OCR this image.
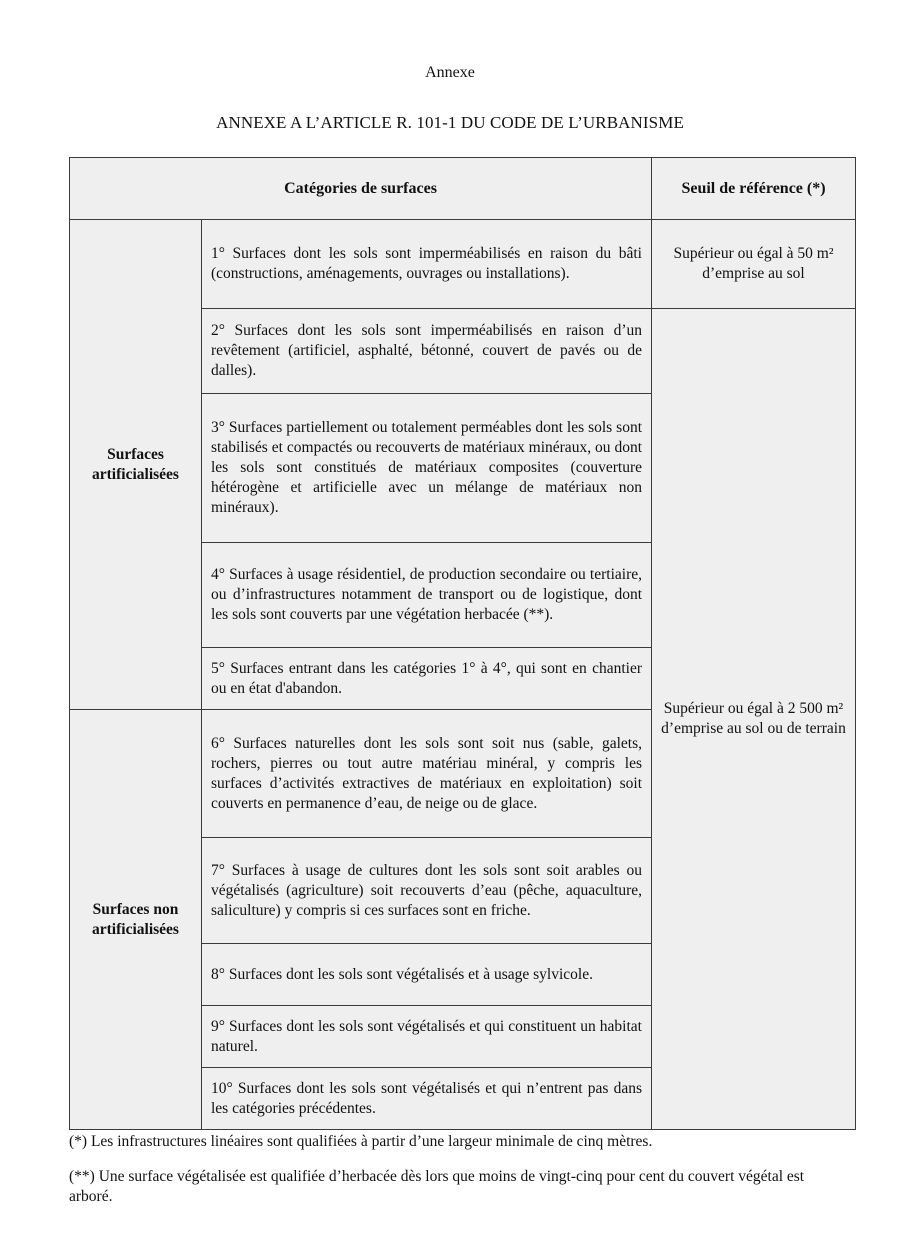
Annexe
ANNEXE A L’ARTICLE R. 101-1 DU CODE DE L’URBANISME
Catégories de surfaces		Seuil de référence (*)
Surfaces artificialisées	1° Surfaces dont les sols sont imperméabilisés en raison du bâti (constructions, aménagements, ouvrages ou installations).	Supérieur ou égal à 50 m² d’emprise au sol
	2° Surfaces dont les sols sont imperméabilisés en raison d’un revêtement (artificiel, asphalté, bétonné, couvert de pavés ou de dalles).	Supérieur ou égal à 2 500 m² d’emprise au sol ou de terrain
	3° Surfaces partiellement ou totalement perméables dont les sols sont stabilisés et compactés ou recouverts de matériaux minéraux, ou dont les sols sont constitués de matériaux composites (couverture hétérogène et artificielle avec un mélange de matériaux non minéraux).	
	4° Surfaces à usage résidentiel, de production secondaire ou tertiaire, ou d’infrastructures notamment de transport ou de logistique, dont les sols sont couverts par une végétation herbacée (**).	
	5° Surfaces entrant dans les catégories 1° à 4°, qui sont en chantier ou en état d'abandon.	
Surfaces non artificialisées	6° Surfaces naturelles dont les sols sont soit nus (sable, galets, rochers, pierres ou tout autre matériau minéral, y compris les surfaces d’activités extractives de matériaux en exploitation) soit couverts en permanence d’eau, de neige ou de glace.	
	7° Surfaces à usage de cultures dont les sols sont soit arables ou végétalisés (agriculture) soit recouverts d’eau (pêche, aquaculture, saliculture) y compris si ces surfaces sont en friche.	
	8° Surfaces dont les sols sont végétalisés et à usage sylvicole.	
	9° Surfaces dont les sols sont végétalisés et qui constituent un habitat naturel.	
	10° Surfaces dont les sols sont végétalisés et qui n’entrent pas dans les catégories précédentes.	
(*) Les infrastructures linéaires sont qualifiées à partir d’une largeur minimale de cinq mètres.
(**) Une surface végétalisée est qualifiée d’herbacée dès lors que moins de vingt-cinq pour cent du couvert végétal est arboré.
